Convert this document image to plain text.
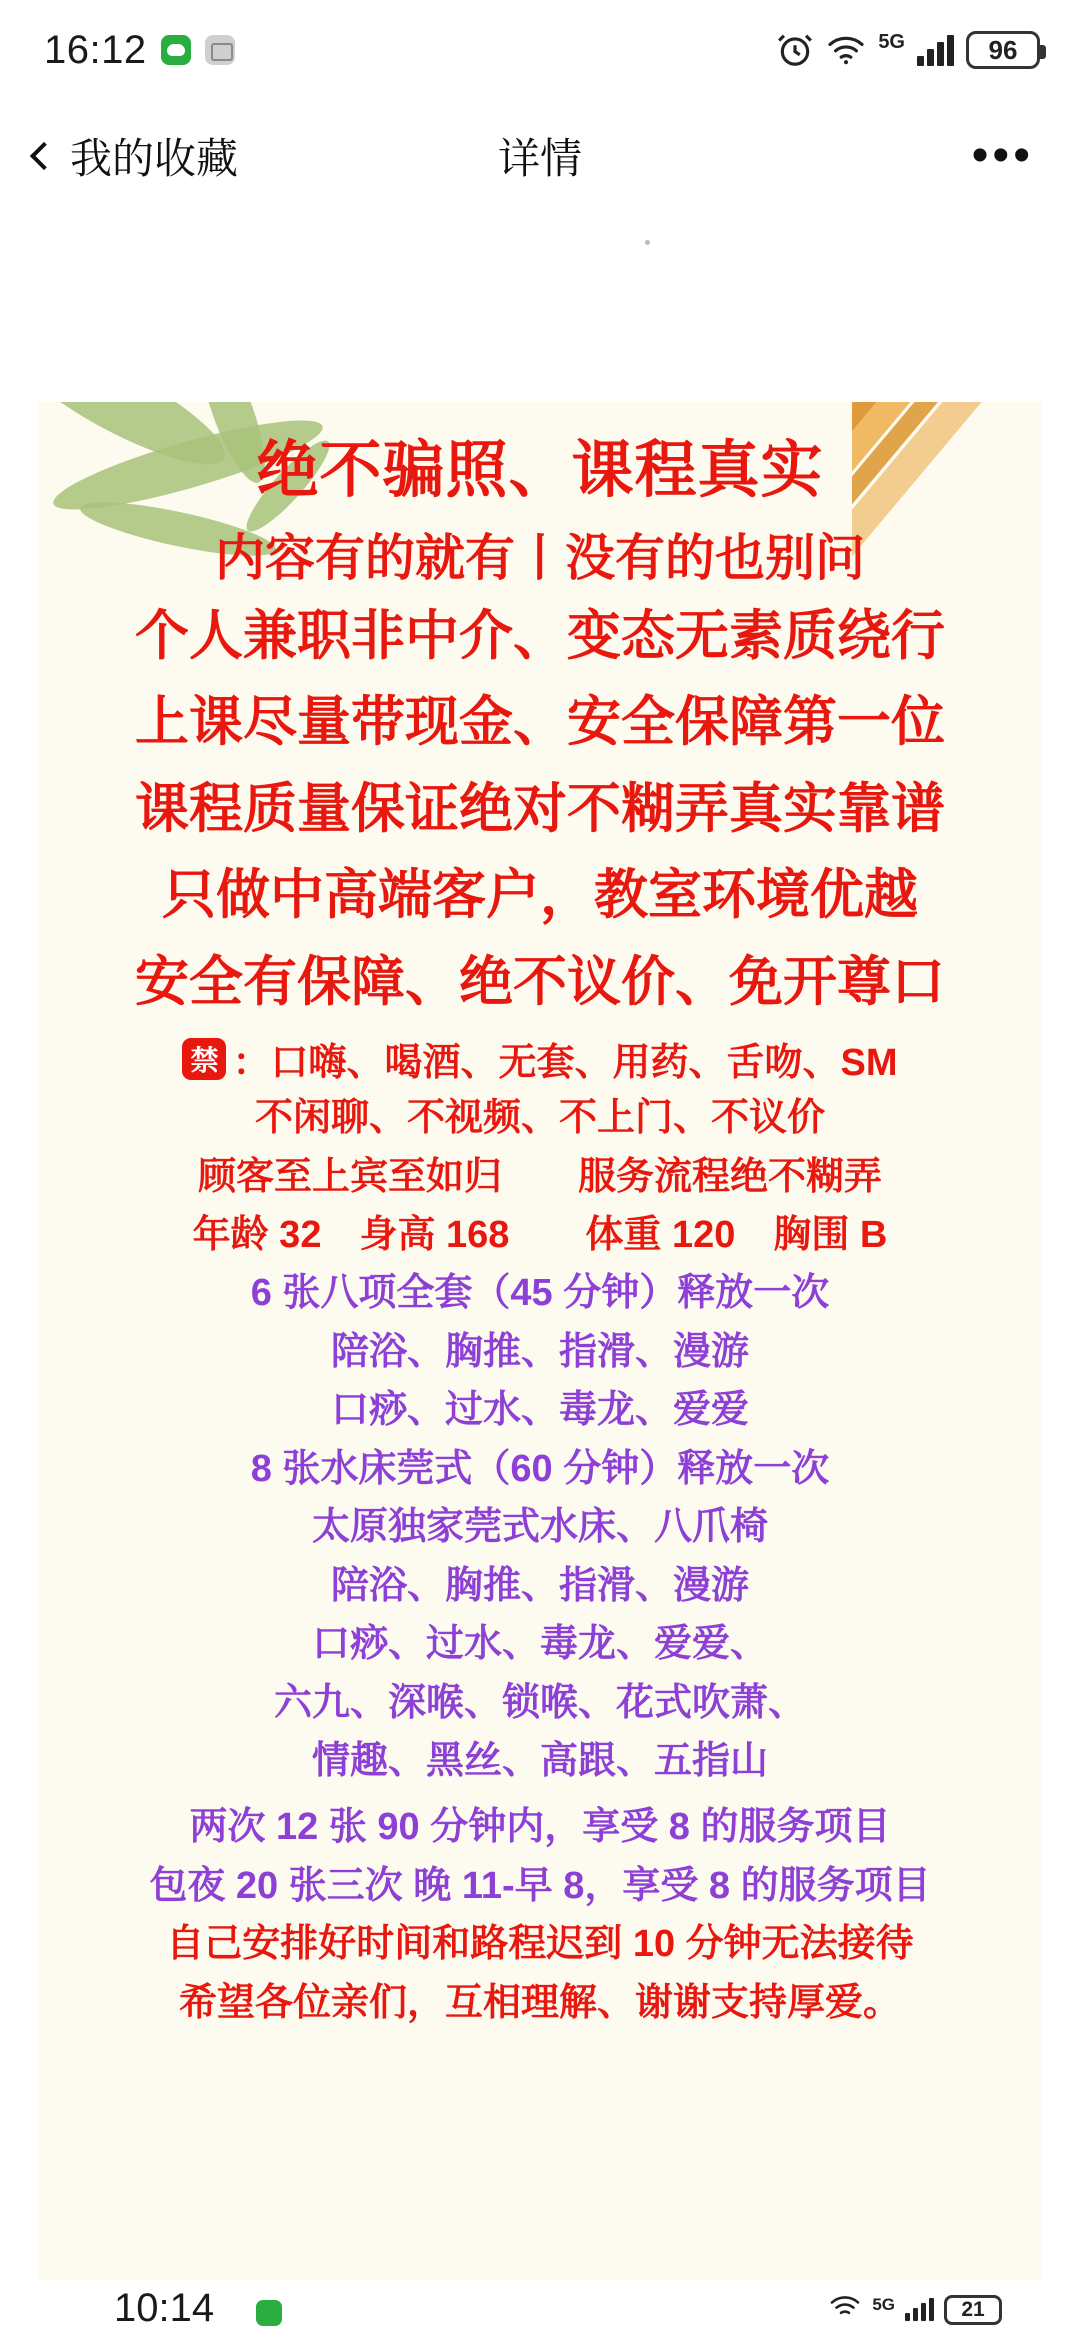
16:12	5G	96
我的收藏	详情	•••
绝不骗照、课程真实
内容有的就有丨没有的也别问
个人兼职非中介、变态无素质绕行
上课尽量带现金、安全保障第一位
课程质量保证绝对不糊弄真实靠谱
只做中高端客户，教室环境优越
安全有保障、绝不议价、免开尊口
禁 ：口嗨、喝酒、无套、用药、舌吻、SM
不闲聊、不视频、不上门、不议价
顾客至上宾至如归　　服务流程绝不糊弄
年龄 32　身高 168　　体重 120　胸围 B
6 张八项全套（45 分钟）释放一次
陪浴、胸推、指滑、漫游
口痧、过水、毒龙、爱爱
8 张水床莞式（60 分钟）释放一次
太原独家莞式水床、八爪椅
陪浴、胸推、指滑、漫游
口痧、过水、毒龙、爱爱、
六九、深喉、锁喉、花式吹萧、
情趣、黑丝、高跟、五指山
两次 12 张 90 分钟内，享受 8 的服务项目
包夜 20 张三次 晚 11-早 8，享受 8 的服务项目
自己安排好时间和路程迟到 10 分钟无法接待
希望各位亲们，互相理解、谢谢支持厚爱。
10:14	5G	21
